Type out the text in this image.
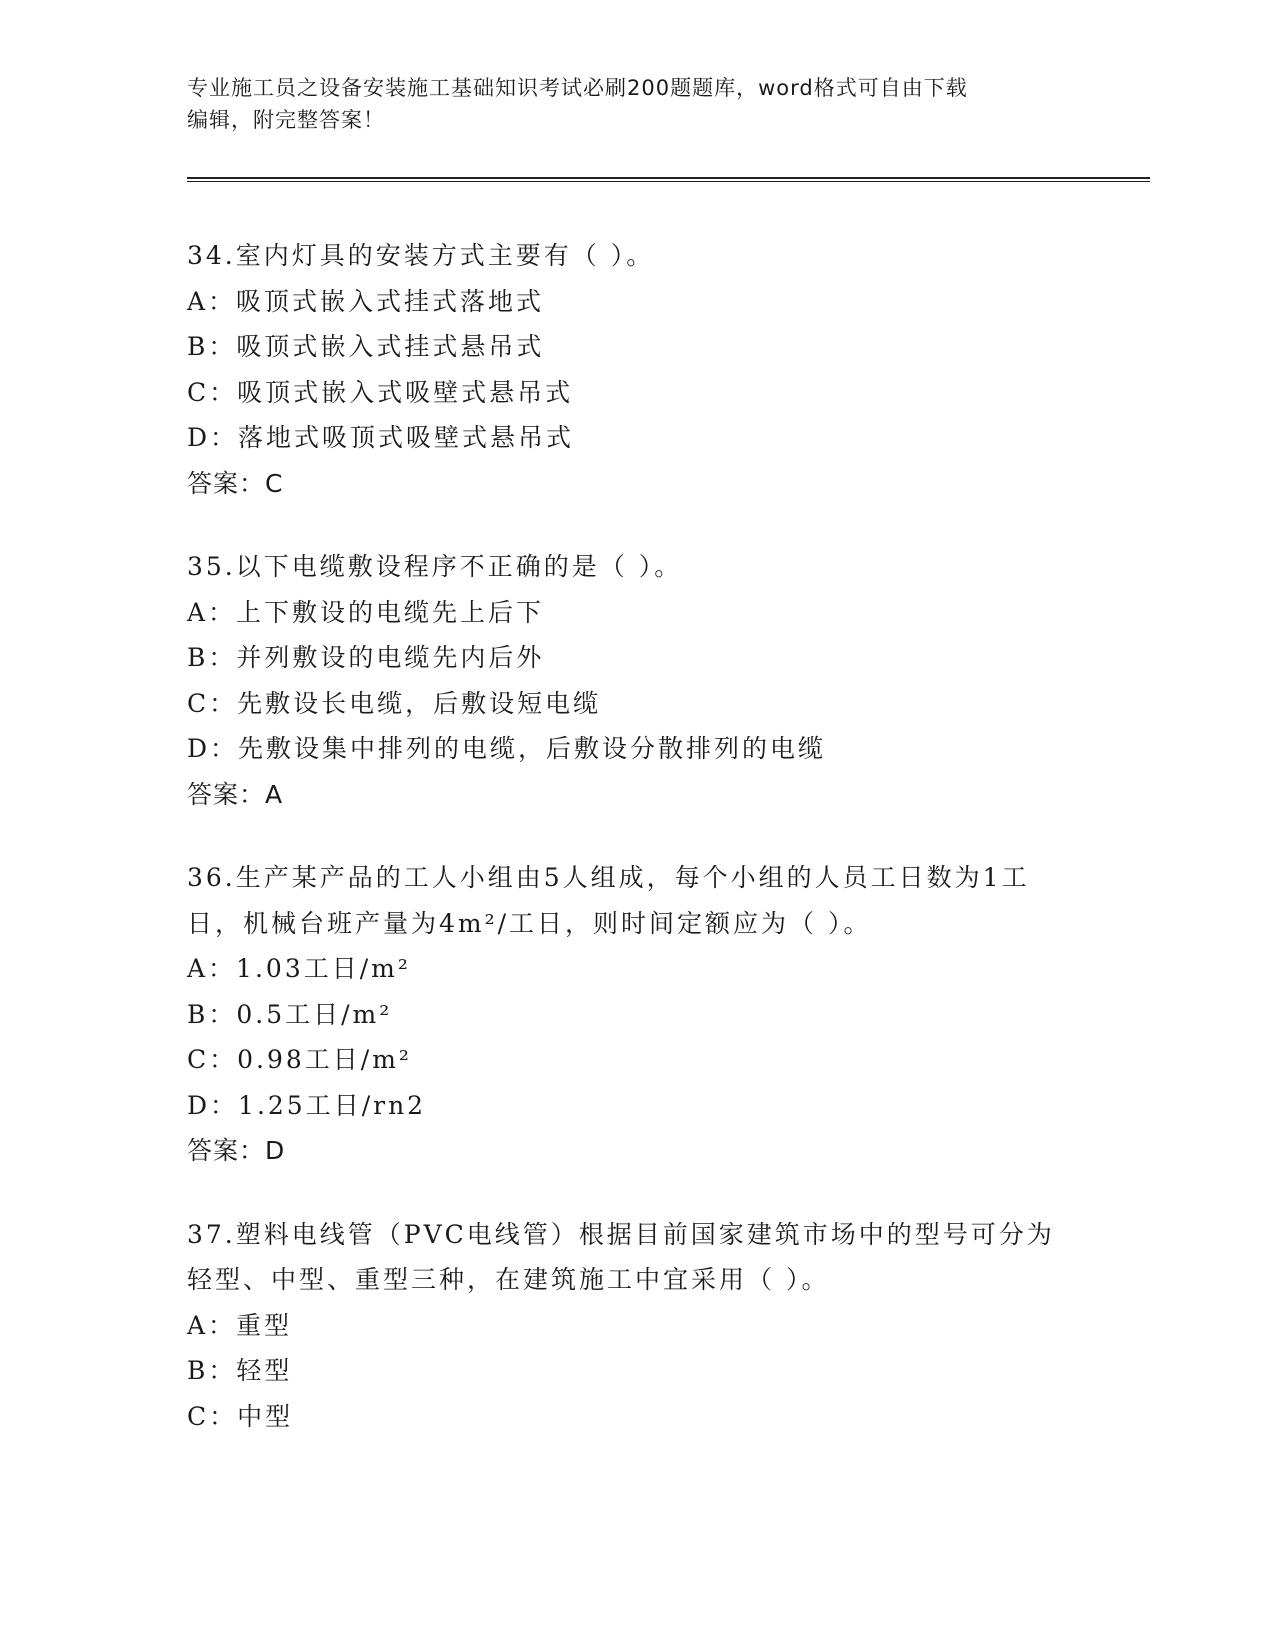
专业施工员之设备安装施工基础知识考试必刷200题题库，word格式可自由下载
编辑，附完整答案！
34.室内灯具的安装方式主要有（ ）。
A：吸顶式嵌入式挂式落地式
B：吸顶式嵌入式挂式悬吊式
C：吸顶式嵌入式吸壁式悬吊式
D：落地式吸顶式吸壁式悬吊式
答案：C
35.以下电缆敷设程序不正确的是（ ）。
A：上下敷设的电缆先上后下
B：并列敷设的电缆先内后外
C：先敷设长电缆，后敷设短电缆
D：先敷设集中排列的电缆，后敷设分散排列的电缆
答案：A
36.生产某产品的工人小组由5人组成，每个小组的人员工日数为1工
日，机械台班产量为4m²/工日，则时间定额应为（ ）。
A：1.03工日/m²
B：0.5工日/m²
C：0.98工日/m²
D：1.25工日/rn2
答案：D
37.塑料电线管（PVC电线管）根据目前国家建筑市场中的型号可分为
轻型、中型、重型三种，在建筑施工中宜采用（ ）。
A：重型
B：轻型
C：中型
